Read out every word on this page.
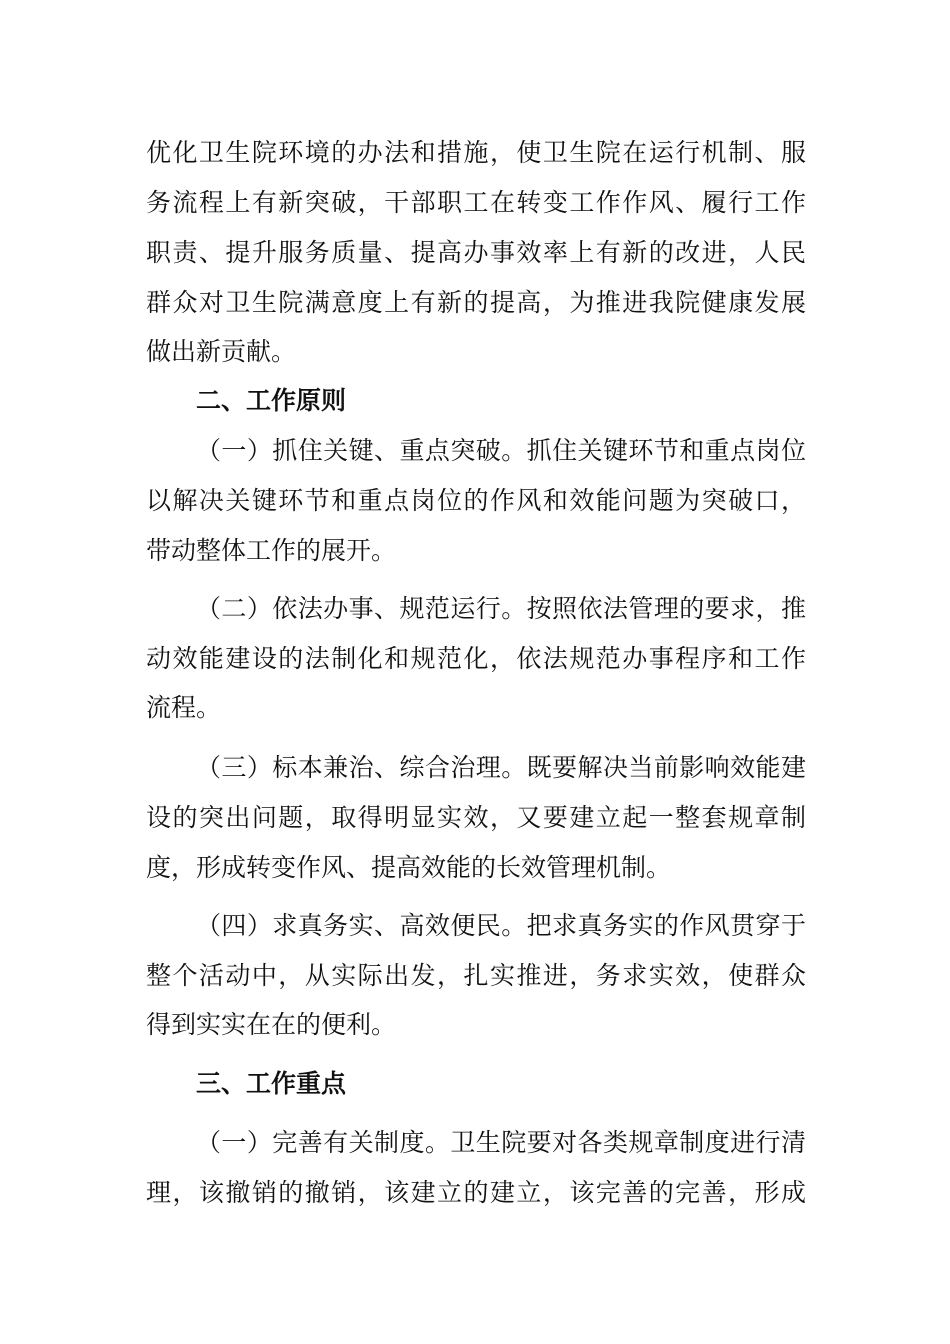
优化卫生院环境的办法和措施，使卫生院在运行机制、服
务流程上有新突破，干部职工在转变工作作风、履行工作
职责、提升服务质量、提高办事效率上有新的改进，人民
群众对卫生院满意度上有新的提高，为推进我院健康发展
做出新贡献。
二、工作原则
（一）抓住关键、重点突破。抓住关键环节和重点岗位
以解决关键环节和重点岗位的作风和效能问题为突破口，
带动整体工作的展开。
（二）依法办事、规范运行。按照依法管理的要求，推
动效能建设的法制化和规范化，依法规范办事程序和工作
流程。
（三）标本兼治、综合治理。既要解决当前影响效能建
设的突出问题，取得明显实效，又要建立起一整套规章制
度，形成转变作风、提高效能的长效管理机制。
（四）求真务实、高效便民。把求真务实的作风贯穿于
整个活动中，从实际出发，扎实推进，务求实效，使群众
得到实实在在的便利。
三、工作重点
（一）完善有关制度。卫生院要对各类规章制度进行清
理，该撤销的撤销，该建立的建立，该完善的完善，形成
